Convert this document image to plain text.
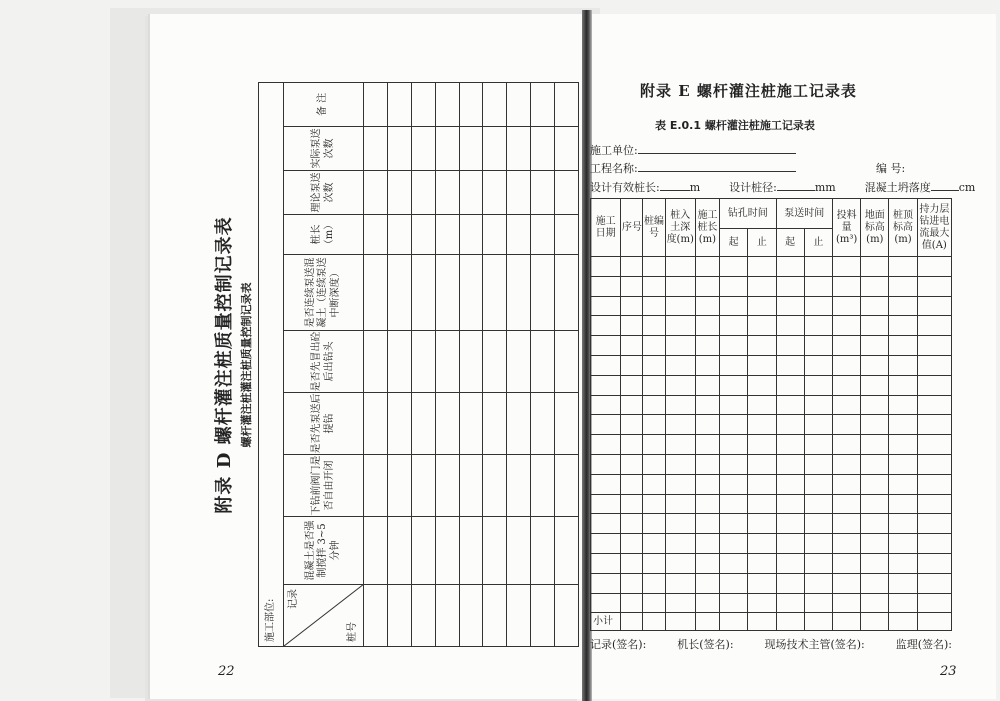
附录 D 螺杆灌注桩质量控制记录表 螺杆灌注桩灌注桩质量控制记录表
施工部位:									

记录
桩号	混凝土是否强制搅拌 3~5 分钟	下钻前阀门是否自由开闭	是否先泵送后提钻	是否先冒出砼后出钻头	是否连续泵送混凝土（连续泵送中断深度）	桩长（m）	理论泵送次数	实际泵送次数	备 注

22
附录 E 螺杆灌注桩施工记录表
表 E.0.1 螺杆灌注桩施工记录表
施工单位:
工程名称:	编 号:
设计有效桩长:	m	设计桩径:	mm	混凝土坍落度	cm
施工日期	序号	桩编号	桩入土深度(m)	施工桩长(m)	钻孔时间		泵送时间		投料量(m³)	地面标高(m)	桩顶标高(m)	持力层钻进电流最大值(A)
					起	止	起	止				

小计												
记录(签名):	机长(签名):	现场技术主管(签名):	监理(签名):
23
